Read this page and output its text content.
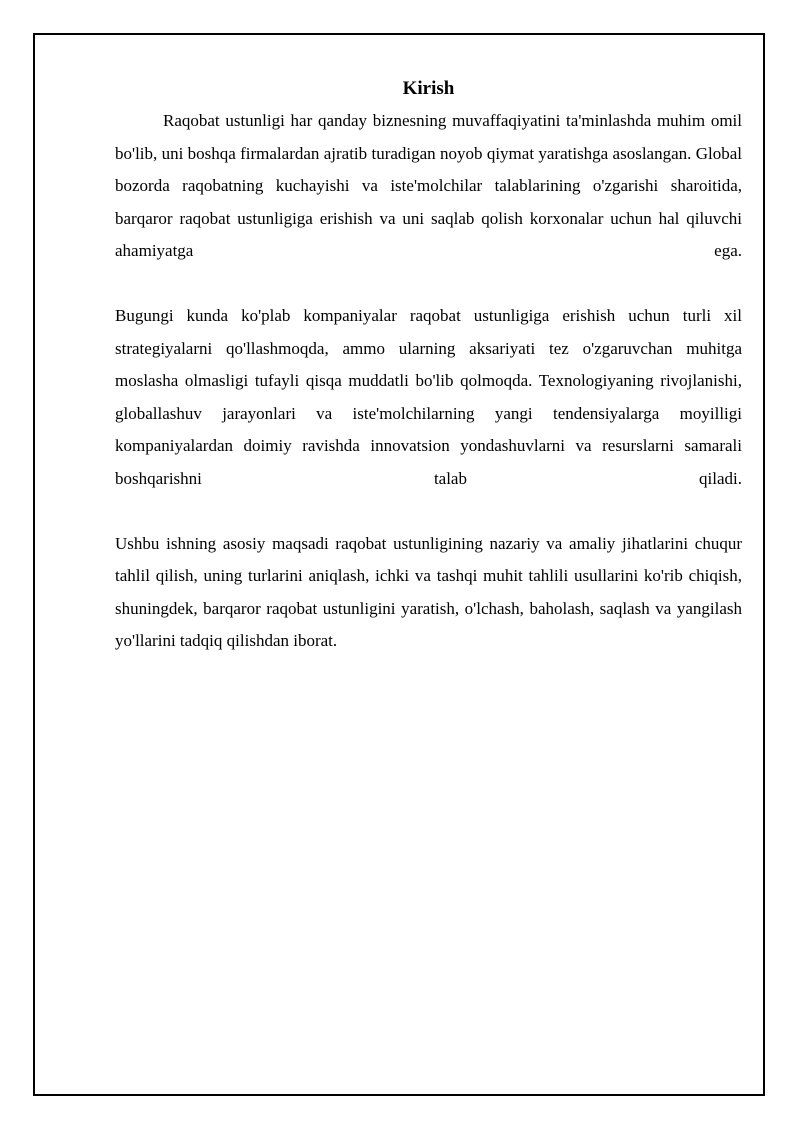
Kirish

Raqobat ustunligi har qanday biznesning muvaffaqiyatini ta'minlashda muhim omil bo'lib, uni boshqa firmalardan ajratib turadigan noyob qiymat yaratishga asoslangan. Global bozorda raqobatning kuchayishi va iste'molchilar talablarining o'zgarishi sharoitida, barqaror raqobat ustunligiga erishish va uni saqlab qolish korxonalar uchun hal qiluvchi ahamiyatga ega.

Bugungi kunda ko'plab kompaniyalar raqobat ustunligiga erishish uchun turli xil strategiyalarni qo'llashmoqda, ammo ularning aksariyati tez o'zgaruvchan muhitga moslasha olmasligi tufayli qisqa muddatli bo'lib qolmoqda. Texnologiyaning rivojlanishi, globallashuv jarayonlari va iste'molchilarning yangi tendensiyalarga moyilligi kompaniyalardan doimiy ravishda innovatsion yondashuvlarni va resurslarni samarali boshqarishni talab qiladi.

Ushbu ishning asosiy maqsadi raqobat ustunligining nazariy va amaliy jihatlarini chuqur tahlil qilish, uning turlarini aniqlash, ichki va tashqi muhit tahlili usullarini ko'rib chiqish, shuningdek, barqaror raqobat ustunligini yaratish, o'lchash, baholash, saqlash va yangilash yo'llarini tadqiq qilishdan iborat.
